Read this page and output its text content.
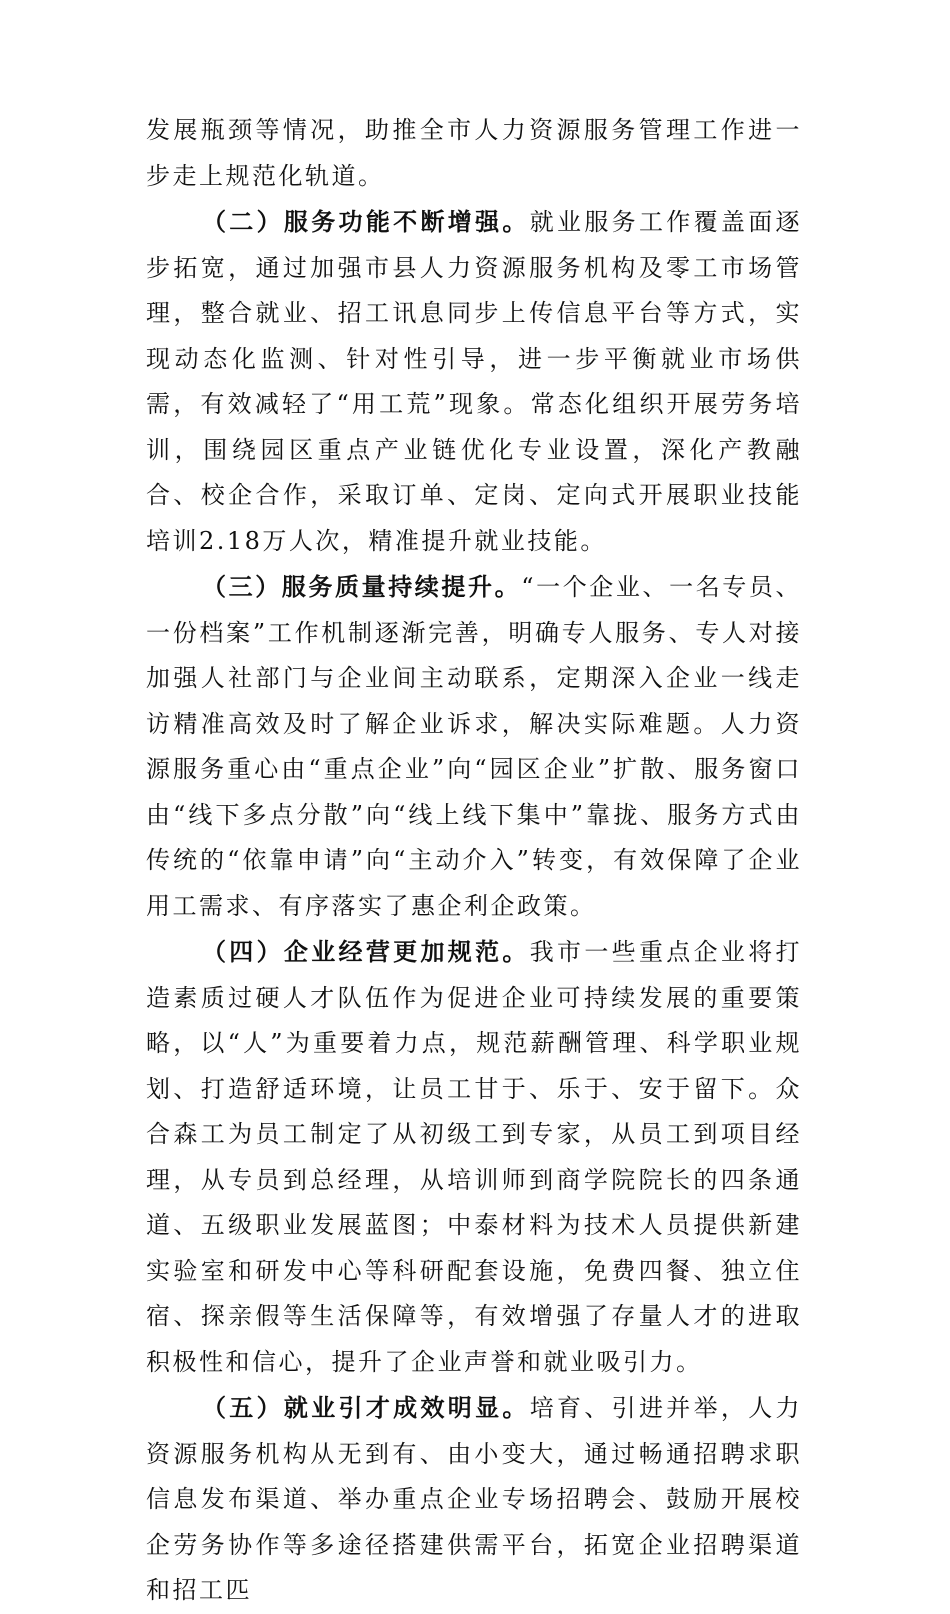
发展瓶颈等情况，助推全市人力资源服务管理工作进一步走上规范化轨道。

（二）服务功能不断增强。就业服务工作覆盖面逐步拓宽，通过加强市县人力资源服务机构及零工市场管理，整合就业、招工讯息同步上传信息平台等方式，实现动态化监测、针对性引导，进一步平衡就业市场供需，有效减轻了“用工荒”现象。常态化组织开展劳务培训，围绕园区重点产业链优化专业设置，深化产教融合、校企合作，采取订单、定岗、定向式开展职业技能培训2.18万人次，精准提升就业技能。

（三）服务质量持续提升。“一个企业、一名专员、一份档案”工作机制逐渐完善，明确专人服务、专人对接加强人社部门与企业间主动联系，定期深入企业一线走访精准高效及时了解企业诉求，解决实际难题。人力资源服务重心由“重点企业”向“园区企业”扩散、服务窗口由“线下多点分散”向“线上线下集中”靠拢、服务方式由传统的“依靠申请”向“主动介入”转变，有效保障了企业用工需求、有序落实了惠企利企政策。

（四）企业经营更加规范。我市一些重点企业将打造素质过硬人才队伍作为促进企业可持续发展的重要策略，以“人”为重要着力点，规范薪酬管理、科学职业规划、打造舒适环境，让员工甘于、乐于、安于留下。众合森工为员工制定了从初级工到专家，从员工到项目经理，从专员到总经理，从培训师到商学院院长的四条通道、五级职业发展蓝图；中泰材料为技术人员提供新建实验室和研发中心等科研配套设施，免费四餐、独立住宿、探亲假等生活保障等，有效增强了存量人才的进取积极性和信心，提升了企业声誉和就业吸引力。

（五）就业引才成效明显。培育、引进并举，人力资源服务机构从无到有、由小变大，通过畅通招聘求职信息发布渠道、举办重点企业专场招聘会、鼓励开展校企劳务协作等多途径搭建供需平台，拓宽企业招聘渠道和招工匹
